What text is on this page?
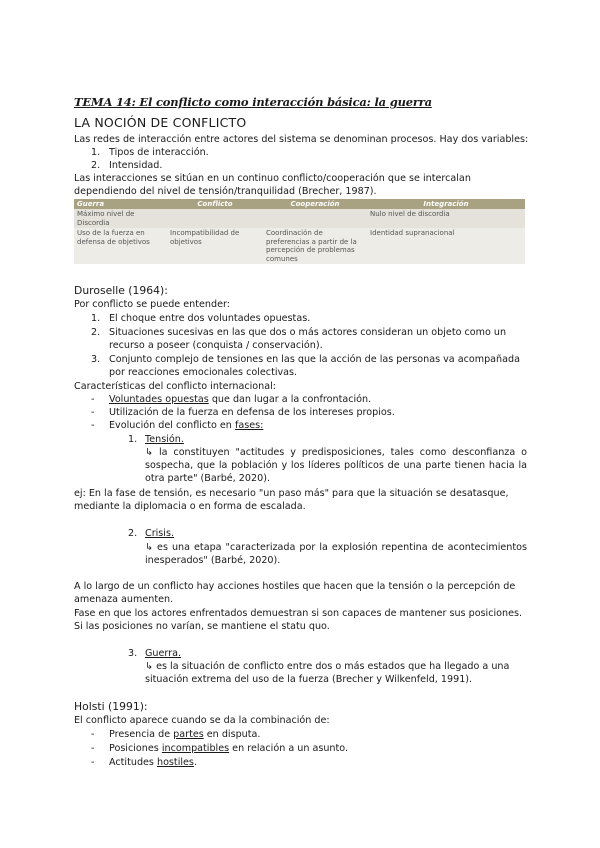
TEMA 14: El conflicto como interacción básica: la guerra
LA NOCIÓN DE CONFLICTO
Las redes de interacción entre actores del sistema se denominan procesos. Hay dos variables:
1. Tipos de interacción.
2. Intensidad.
Las interacciones se sitúan en un continuo conflicto/cooperación que se intercalan dependiendo del nivel de tensión/tranquilidad (Brecher, 1987).
Guerra	Conflicto	Cooperación	Integración
Máximo nivel de Discordia			Nulo nivel de discordia
Uso de la fuerza en defensa de objetivos	Incompatibilidad de objetivos	Coordinación de preferencias a partir de la percepción de problemas comunes	Identidad supranacional
Duroselle (1964):
Por conflicto se puede entender:
1. El choque entre dos voluntades opuestas.
2. Situaciones sucesivas en las que dos o más actores consideran un objeto como un recurso a poseer (conquista / conservación).
3. Conjunto complejo de tensiones en las que la acción de las personas va acompañada por reacciones emocionales colectivas.
Características del conflicto internacional:
- Voluntades opuestas que dan lugar a la confrontación.
- Utilización de la fuerza en defensa de los intereses propios.
- Evolución del conflicto en fases:
1. Tensión.
↳ la constituyen "actitudes y predisposiciones, tales como desconfianza o sospecha, que la población y los líderes políticos de una parte tienen hacia la otra parte" (Barbé, 2020).
ej: En la fase de tensión, es necesario "un paso más" para que la situación se desatasque, mediante la diplomacia o en forma de escalada.
2. Crisis.
↳ es una etapa "caracterizada por la explosión repentina de acontecimientos inesperados" (Barbé, 2020).
A lo largo de un conflicto hay acciones hostiles que hacen que la tensión o la percepción de amenaza aumenten.
Fase en que los actores enfrentados demuestran si son capaces de mantener sus posiciones.
Si las posiciones no varían, se mantiene el statu quo.
3. Guerra.
↳ es la situación de conflicto entre dos o más estados que ha llegado a una situación extrema del uso de la fuerza (Brecher y Wilkenfeld, 1991).
Holsti (1991):
El conflicto aparece cuando se da la combinación de:
- Presencia de partes en disputa.
- Posiciones incompatibles en relación a un asunto.
- Actitudes hostiles.
